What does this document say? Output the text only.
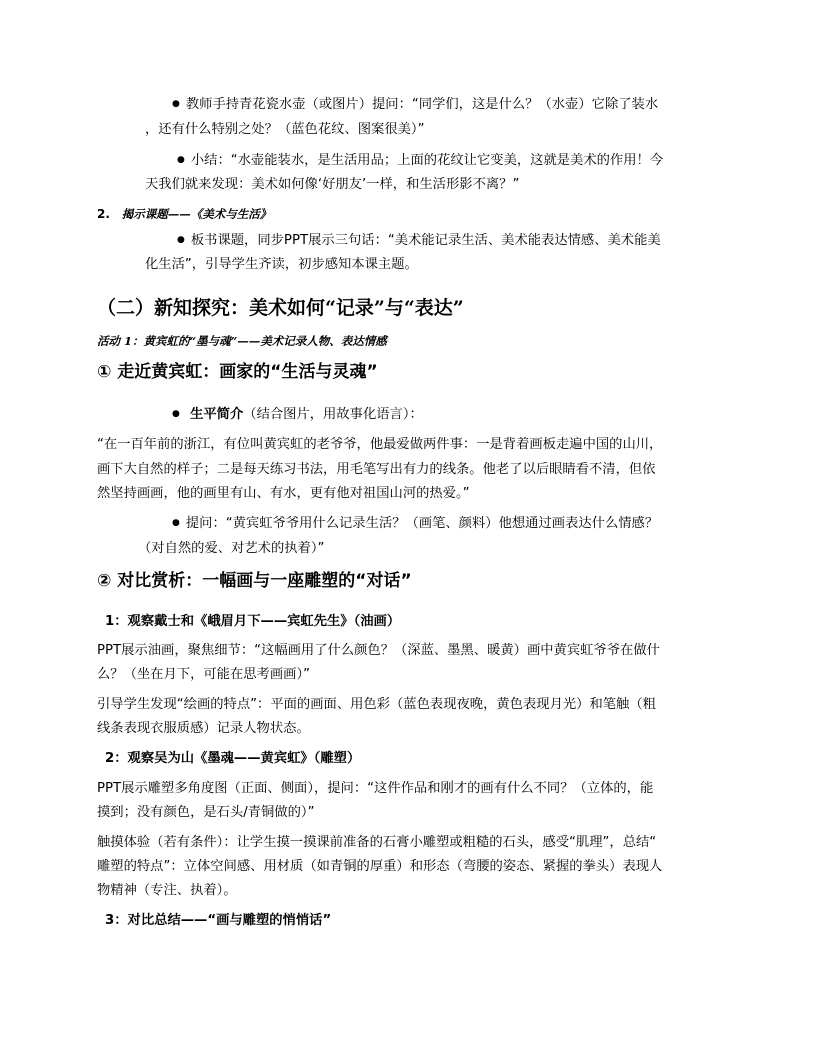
● 教师手持青花瓷水壶（或图片）提问：“同学们，这是什么？（水壶）它除了装水

，还有什么特别之处？（蓝色花纹、图案很美）”

● 小结：“水壶能装水，是生活用品；上面的花纹让它变美，这就是美术的作用！今

天我们就来发现：美术如何像‘好朋友’一样，和生活形影不离？”

2. 揭示课题——《美术与生活》

● 板书课题，同步PPT展示三句话：“美术能记录生活、美术能表达情感、美术能美

化生活”，引导学生齐读，初步感知本课主题。

（二）新知探究：美术如何“记录”与“表达”

活动 1：黄宾虹的“墨与魂”——美术记录人物、表达情感

① 走近黄宾虹：画家的“生活与灵魂”

● 生平简介（结合图片，用故事化语言）：

“在一百年前的浙江，有位叫黄宾虹的老爷爷，他最爱做两件事：一是背着画板走遍中国的山川，

画下大自然的样子；二是每天练习书法，用毛笔写出有力的线条。他老了以后眼睛看不清，但依

然坚持画画，他的画里有山、有水，更有他对祖国山河的热爱。”

● 提问：“黄宾虹爷爷用什么记录生活？（画笔、颜料）他想通过画表达什么情感？

（对自然的爱、对艺术的执着）”

② 对比赏析：一幅画与一座雕塑的“对话”

1：观察戴士和《峨眉月下——宾虹先生》（油画）

PPT展示油画，聚焦细节：“这幅画用了什么颜色？（深蓝、墨黑、暖黄）画中黄宾虹爷爷在做什

么？（坐在月下，可能在思考画画）”

引导学生发现“绘画的特点”：平面的画面、用色彩（蓝色表现夜晚，黄色表现月光）和笔触（粗

线条表现衣服质感）记录人物状态。

2：观察吴为山《墨魂——黄宾虹》（雕塑）

PPT展示雕塑多角度图（正面、侧面），提问：“这件作品和刚才的画有什么不同？（立体的，能

摸到；没有颜色，是石头/青铜做的）”

触摸体验（若有条件）：让学生摸一摸课前准备的石膏小雕塑或粗糙的石头，感受“肌理”，总结“

雕塑的特点”：立体空间感、用材质（如青铜的厚重）和形态（弯腰的姿态、紧握的拳头）表现人

物精神（专注、执着）。

3：对比总结——“画与雕塑的悄悄话”
